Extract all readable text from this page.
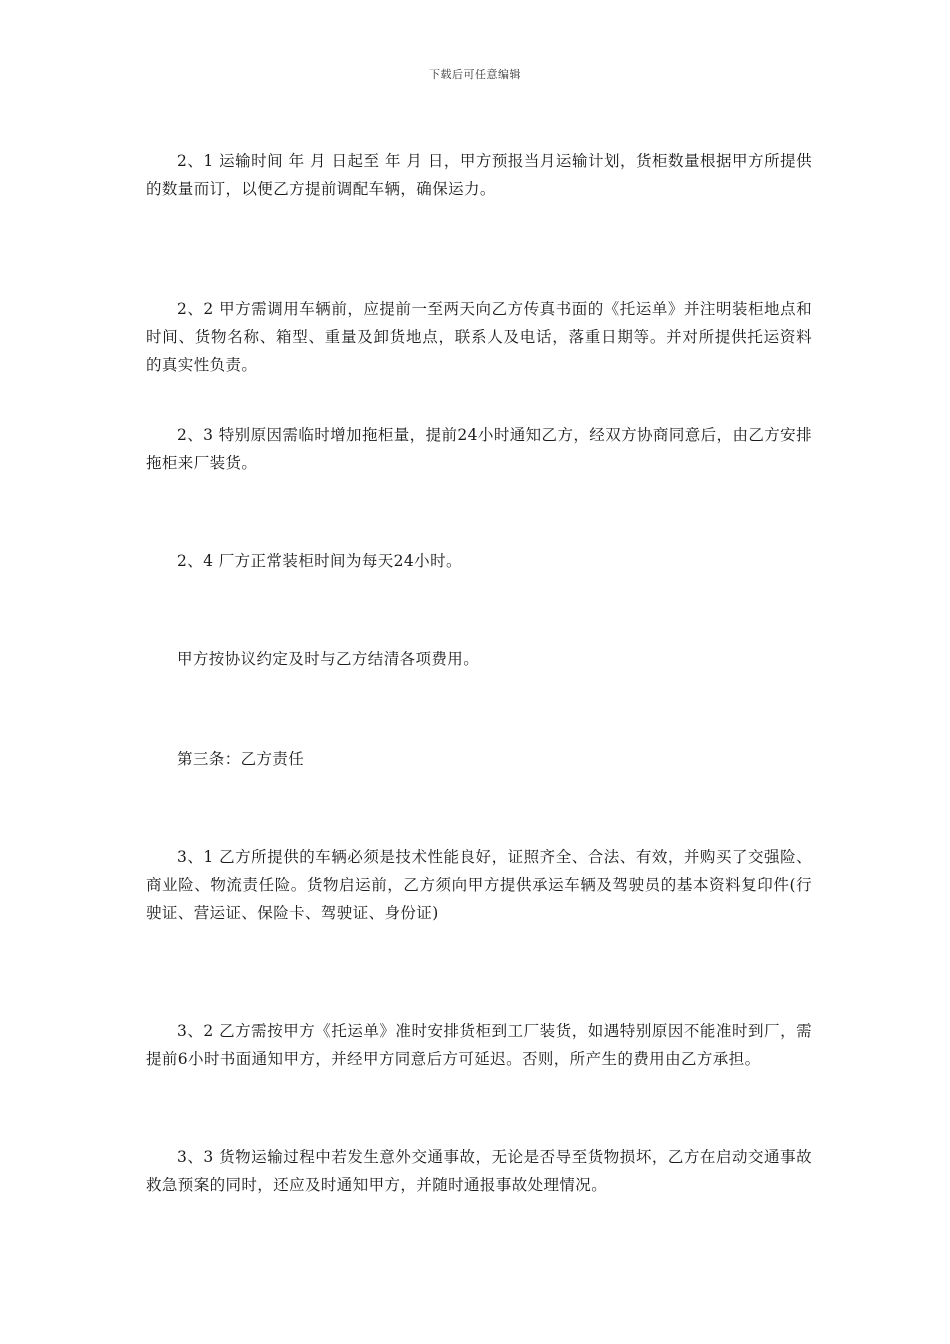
下载后可任意编辑

2、1 运输时间 年 月 日起至 年 月 日，甲方预报当月运输计划，货柜数量根据甲方所提供的数量而订，以便乙方提前调配车辆，确保运力。

2、2 甲方需调用车辆前，应提前一至两天向乙方传真书面的《托运单》并注明装柜地点和时间、货物名称、箱型、重量及卸货地点，联系人及电话，落重日期等。并对所提供托运资料的真实性负责。

2、3 特别原因需临时增加拖柜量，提前24小时通知乙方，经双方协商同意后，由乙方安排拖柜来厂装货。

2、4 厂方正常装柜时间为每天24小时。

甲方按协议约定及时与乙方结清各项费用。

第三条：乙方责任

3、1 乙方所提供的车辆必须是技术性能良好，证照齐全、合法、有效，并购买了交强险、商业险、物流责任险。货物启运前，乙方须向甲方提供承运车辆及驾驶员的基本资料复印件(行驶证、营运证、保险卡、驾驶证、身份证)

3、2 乙方需按甲方《托运单》准时安排货柜到工厂装货，如遇特别原因不能准时到厂，需提前6小时书面通知甲方，并经甲方同意后方可延迟。否则，所产生的费用由乙方承担。

3、3 货物运输过程中若发生意外交通事故，无论是否导至货物损坏，乙方在启动交通事故救急预案的同时，还应及时通知甲方，并随时通报事故处理情况。
